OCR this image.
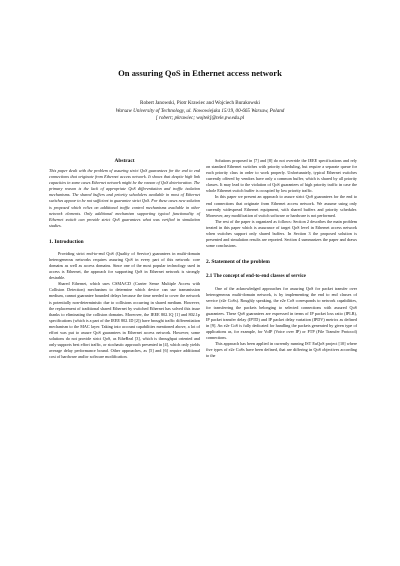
On assuring QoS in Ethernet access network
Robert Janowski, Piotr Krawiec and Wojciech Burakowski
Warsaw University of Technology, ul. Nowowiejska 15/19, 00-665 Warsaw, Poland
[ robert; pkrawiec; wojtek]@tele.pw.edu.pl
Abstract

This paper dealt with the problem of assuring strict QoS guarantees for the end to end connections that originate from Ethernet access network. It shows that despite high link capacities in some cases Ethernet network might be the reason of QoS deterioration. The primary reason is the lack of appropriate QoS differentiation and traffic isolation mechanisms. The shared buffers and priority schedulers available in most of Ethernet switches appear to be not sufficient to guarantee strict QoS. For these cases new solution is proposed which relies on additional traffic control mechanisms available in other network elements. Only additional mechanism supporting typical functionality of Ethernet switch can provide strict QoS guarantees what was verified in simulation studies.

1. Introduction

Providing strict end-to-end QoS (Quality of Service) guarantees in multi-domain heterogeneous networks requires assuring QoS in every part of this network: core domains as well as access domains. Since one of the most popular technology used in access is Ethernet, the approach for supporting QoS in Ethernet network is strongly desirable.

Shared Ethernet, which uses CSMA/CD (Carrier Sense Multiple Access with Collision Detection) mechanism to determine which device can use transmission medium, cannot guarantee bounded delays because the time needed to cover the network is potentially non-deterministic due to collisions occurring in shared medium. However, the replacement of traditional shared Ethernet by switched Ethernet has solved this issue thanks to eliminating the collision domains. Moreover, the IEEE 802.1Q [1] and 802.1p specifications (which is a part of the IEEE 802.1D [2]) have brought traffic differentiation mechanism to the MAC layer. Taking into account capabilities mentioned above, a lot of effort was put to assure QoS guarantees in Ethernet access network. However, some solutions do not provide strict QoS, as EtheReal [3], which is throughput oriented and only supports best effort traffic, or stochastic approach presented in [4], which only yields average delay performance bound. Other approaches, as [5] and [6] require additional cost of hardware and/or software modification.

Solutions proposed in [7] and [8] do not override the IEEE specifications and rely on standard Ethernet switches with priority scheduling, but require a separate queue for each priority class in order to work properly. Unfortunately, typical Ethernet switches currently offered by vendors have only a common buffer, which is shared by all priority classes. It may lead to the violation of QoS guarantees of high priority traffic in case the whole Ethernet switch buffer is occupied by low priority traffic.

In this paper we present an approach to assure strict QoS guarantees for the end to end connections that originate from Ethernet access network. We assume using only currently widespread Ethernet equipment, with shared buffers and priority scheduler. Moreover, any modification of switch software or hardware is not performed.

The rest of the paper is organized as follows: Section 2 describes the main problem treated in this paper which is assurance of target QoS level in Ethernet access network when switches support only shared buffers. In Section 3 the proposed solution is presented and simulation results are reported. Section 4 summarizes the paper and draws some conclusions.

2. Statement of the problem
2.1 The concept of end-to-end classes of service

One of the acknowledged approaches for assuring QoS for packet transfer over heterogeneous multi-domain network, is by implementing the end to end classes of service (e2e CoSs). Roughly speaking, the e2e CoS corresponds to network capabilities, for transferring the packets belonging to selected connections with assured QoS guarantees. These QoS guarantees are expressed in terms of IP packet loss ratio (IPLR), IP packet transfer delay (IPTD) and IP packet delay variation (IPDV) metrics as defined in [9]. An e2e CoS is fully dedicated for handling the packets generated by given type of applications as, for example, for VoIP (Voice over IP) or FTP (File Transfer Protocol) connections.

This approach has been applied in currently running IST EuQoS project [10] where five types of e2e CoSs have been defined, that are differing in QoS objectives according to the
